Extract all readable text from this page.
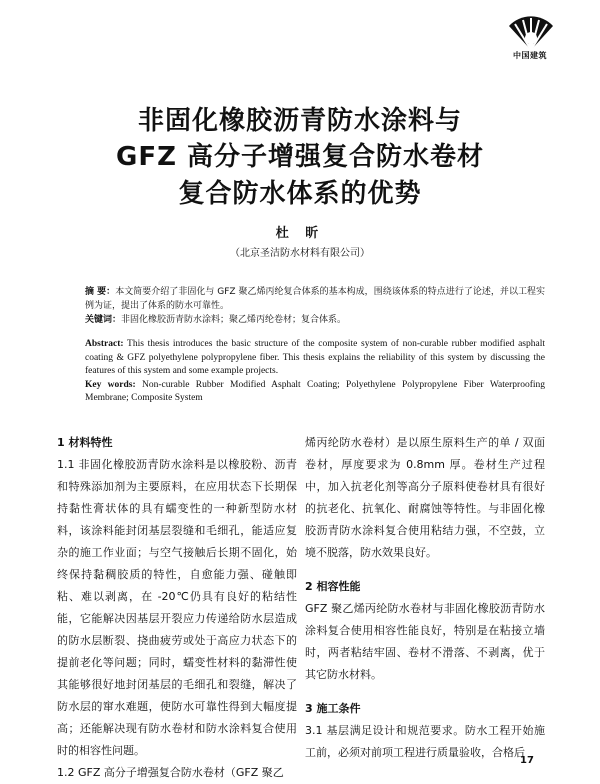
中国建筑
非固化橡胶沥青防水涂料与
GFZ 高分子增强复合防水卷材
复合防水体系的优势
杜 昕
（北京圣洁防水材料有限公司）
摘 要：本文简要介绍了非固化与 GFZ 聚乙烯丙纶复合体系的基本构成，围绕该体系的特点进行了论述，并以工程实例为证，提出了体系的防水可靠性。
关键词：非固化橡胶沥青防水涂料；聚乙烯丙纶卷材；复合体系。
Abstract: This thesis introduces the basic structure of the composite system of non-curable rubber modified asphalt coating & GFZ polyethylene polypropylene fiber. This thesis explains the reliability of this system by discussing the features of this system and some example projects.
Key words: Non-curable Rubber Modified Asphalt Coating; Polyethylene Polypropylene Fiber Waterproofing Membrane; Composite System

1 材料特性

1.1 非固化橡胶沥青防水涂料是以橡胶粉、沥青和特殊添加剂为主要原料，在应用状态下长期保持黏性膏状体的具有蠕变性的一种新型防水材料，该涂料能封闭基层裂缝和毛细孔，能适应复杂的施工作业面；与空气接触后长期不固化，始终保持黏稠胶质的特性，自愈能力强、碰触即粘、难以剥离，在 -20℃仍具有良好的粘结性能，它能解决因基层开裂应力传递给防水层造成的防水层断裂、挠曲疲劳或处于高应力状态下的提前老化等问题；同时，蠕变性材料的黏滞性使其能够很好地封闭基层的毛细孔和裂缝，解决了防水层的窜水难题，使防水可靠性得到大幅度提高；还能解决现有防水卷材和防水涂料复合使用时的相容性问题。

1.2 GFZ 高分子增强复合防水卷材（GFZ 聚乙

烯丙纶防水卷材）是以原生原料生产的单 / 双面卷材，厚度要求为 0.8mm 厚。卷材生产过程中，加入抗老化剂等高分子原料使卷材具有很好的抗老化、抗氧化、耐腐蚀等特性。与非固化橡胶沥青防水涂料复合使用粘结力强，不空鼓，立境不脱落，防水效果良好。

2 相容性能

GFZ 聚乙烯丙纶防水卷材与非固化橡胶沥青防水涂料复合使用相容性能良好，特别是在粘接立墙时，两者粘结牢固、卷材不滑落、不剥离，优于其它防水材料。

3 施工条件

3.1 基层满足设计和规范要求。防水工程开始施工前，必须对前项工程进行质量验收，合格后

17
